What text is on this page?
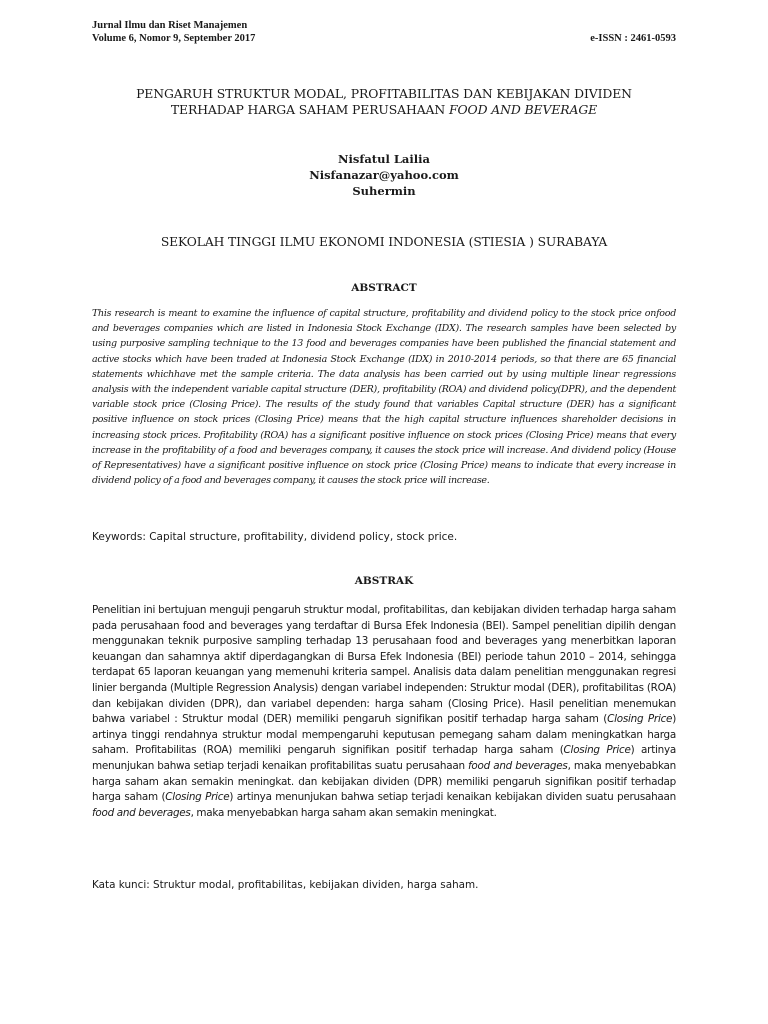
Jurnal Ilmu dan Riset Manajemen
Volume 6, Nomor 9, September 2017	e-ISSN : 2461-0593
PENGARUH STRUKTUR MODAL, PROFITABILITAS DAN KEBIJAKAN DIVIDEN
TERHADAP HARGA SAHAM PERUSAHAAN FOOD AND BEVERAGE
Nisfatul Lailia
Nisfanazar@yahoo.com
Suhermin
SEKOLAH TINGGI ILMU EKONOMI INDONESIA (STIESIA ) SURABAYA
ABSTRACT

This research is meant to examine the influence of capital structure, profitability and dividend policy to the stock price onfood and beverages companies which are listed in Indonesia Stock Exchange (IDX). The research samples have been selected by using purposive sampling technique to the 13 food and beverages companies have been published the financial statement and active stocks which have been traded at Indonesia Stock Exchange (IDX) in 2010-2014 periods, so that there are 65 financial statements whichhave met the sample criteria. The data analysis has been carried out by using multiple linear regressions analysis with the independent variable capital structure (DER), profitability (ROA) and dividend policy(DPR), and the dependent variable stock price (Closing Price). The results of the study found that variables Capital structure (DER) has a significant positive influence on stock prices (Closing Price) means that the high capital structure influences shareholder decisions in increasing stock prices. Profitability (ROA) has a significant positive influence on stock prices (Closing Price) means that every increase in the profitability of a food and beverages company, it causes the stock price will increase. And dividend policy (House of Representatives) have a significant positive influence on stock price (Closing Price) means to indicate that every increase in dividend policy of a food and beverages company, it causes the stock price will increase.

Keywords: Capital structure, profitability, dividend policy, stock price.

ABSTRAK

Penelitian ini bertujuan menguji pengaruh struktur modal, profitabilitas, dan kebijakan dividen terhadap harga saham pada perusahaan food and beverages yang terdaftar di Bursa Efek Indonesia (BEI). Sampel penelitian dipilih dengan menggunakan teknik purposive sampling terhadap 13 perusahaan food and beverages yang menerbitkan laporan keuangan dan sahamnya aktif diperdagangkan di Bursa Efek Indonesia (BEI) periode tahun 2010 – 2014, sehingga terdapat 65 laporan keuangan yang memenuhi kriteria sampel. Analisis data dalam penelitian menggunakan regresi linier berganda (Multiple Regression Analysis) dengan variabel independen: Struktur modal (DER), profitabilitas (ROA) dan kebijakan dividen (DPR), dan variabel dependen: harga saham (Closing Price). Hasil penelitian menemukan bahwa variabel : Struktur modal (DER) memiliki pengaruh signifikan positif terhadap harga saham (Closing Price) artinya tinggi rendahnya struktur modal mempengaruhi keputusan pemegang saham dalam meningkatkan harga saham. Profitabilitas (ROA) memiliki pengaruh signifikan positif terhadap harga saham (Closing Price) artinya menunjukan bahwa setiap terjadi kenaikan profitabilitas suatu perusahaan food and beverages, maka menyebabkan harga saham akan semakin meningkat. dan kebijakan dividen (DPR) memiliki pengaruh signifikan positif terhadap harga saham (Closing Price) artinya menunjukan bahwa setiap terjadi kenaikan kebijakan dividen suatu perusahaan food and beverages, maka menyebabkan harga saham akan semakin meningkat.

Kata kunci: Struktur modal, profitabilitas, kebijakan dividen, harga saham.
